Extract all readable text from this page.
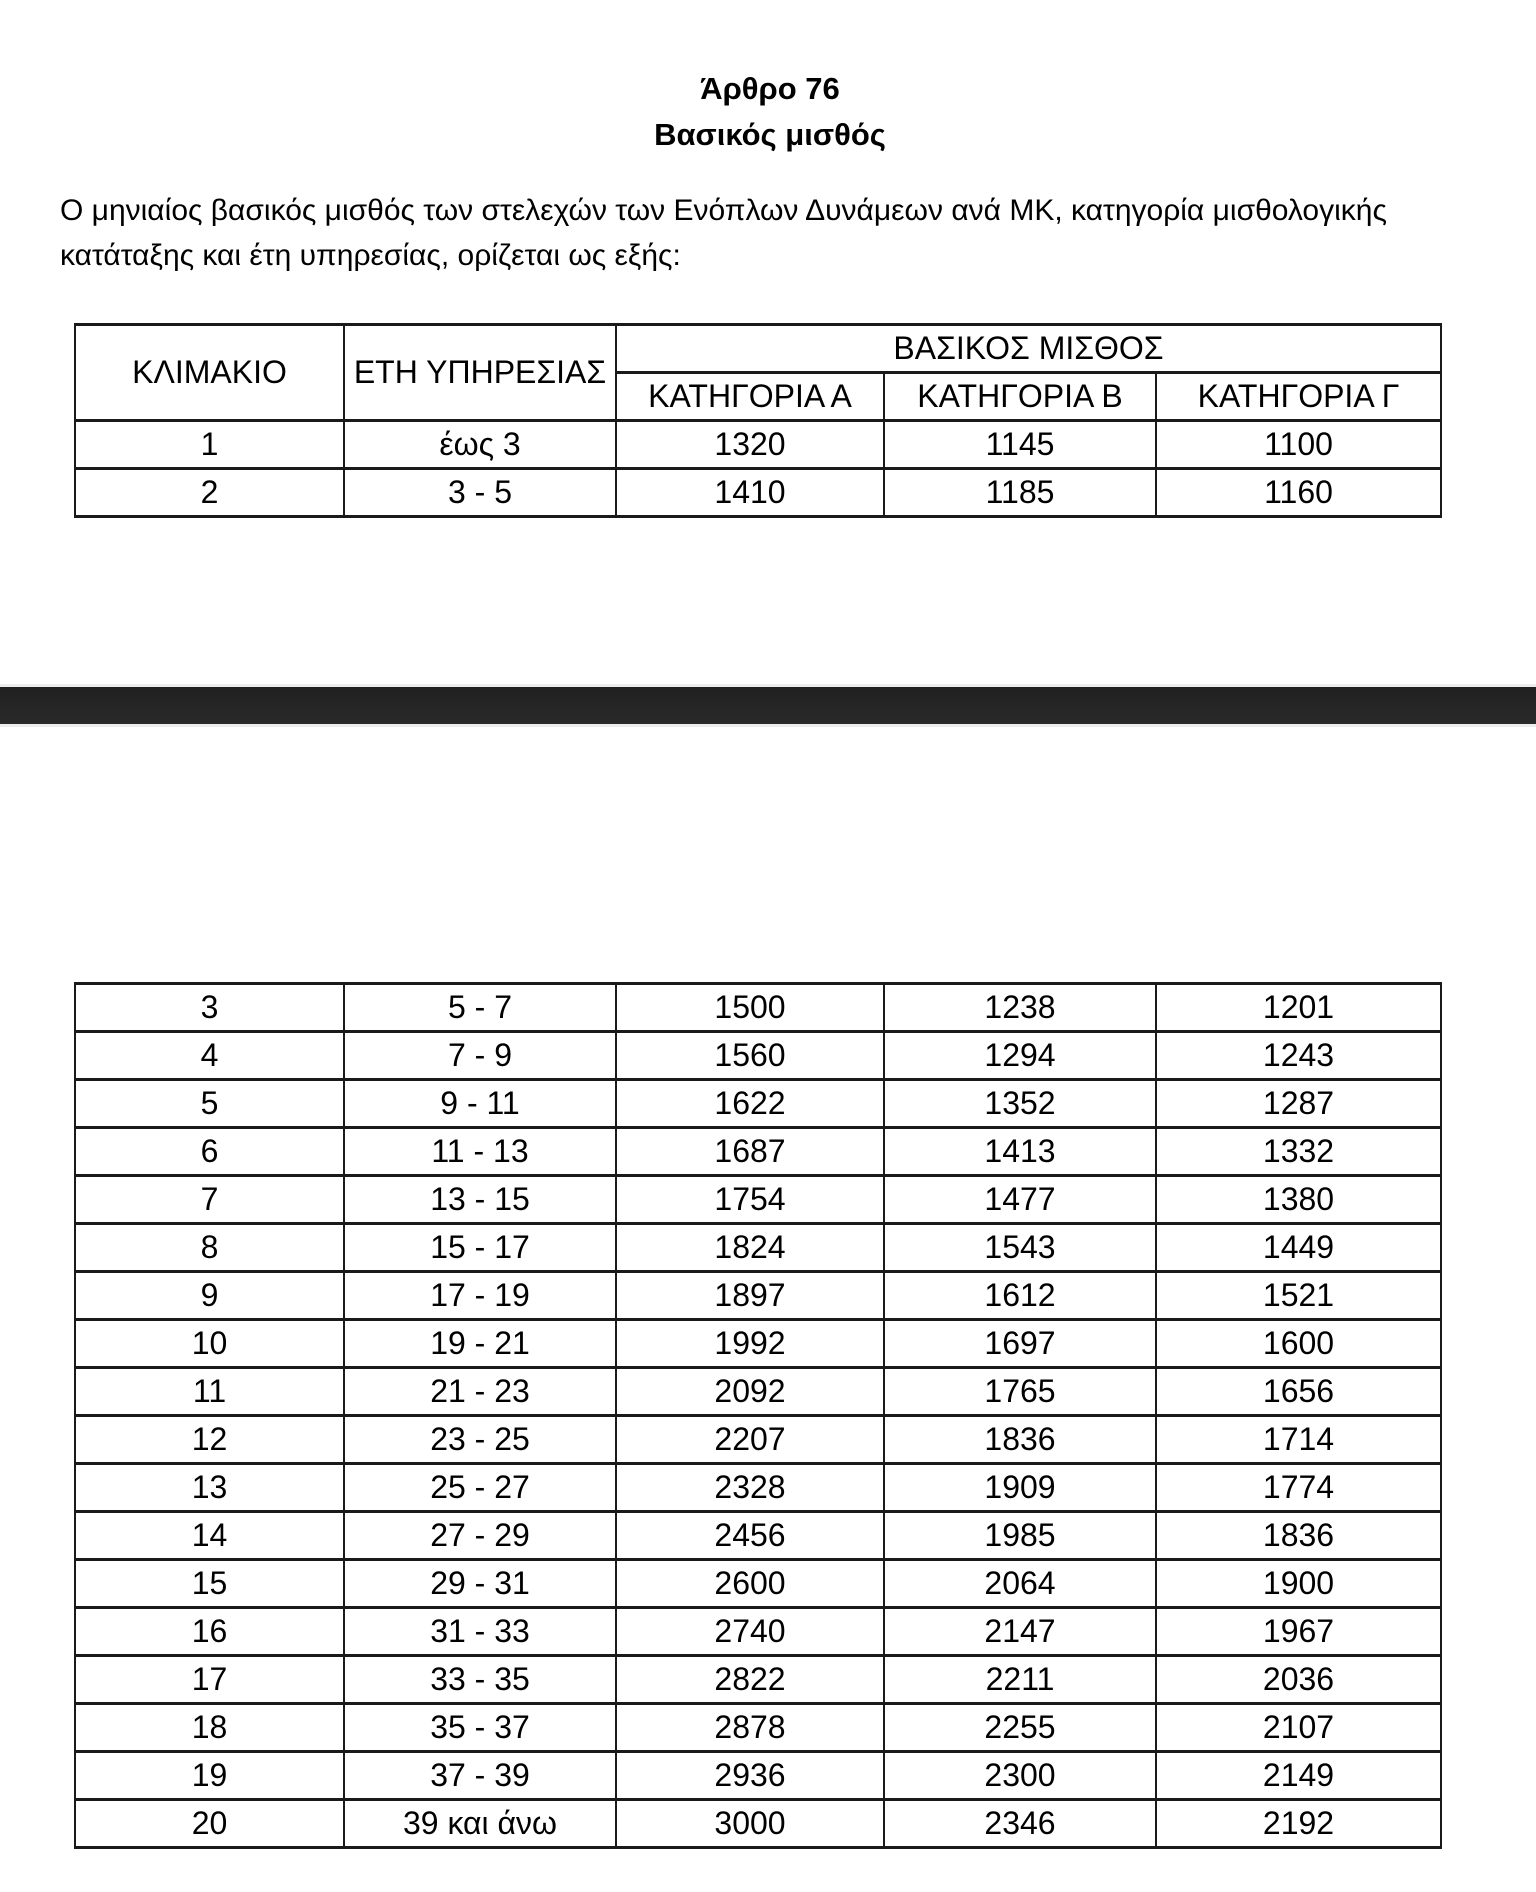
Άρθρο 76
Βασικός μισθός
Ο μηνιαίος βασικός μισθός των στελεχών των Ενόπλων Δυνάμεων ανά ΜΚ, κατηγορία μισθολογικής
κατάταξης και έτη υπηρεσίας, ορίζεται ως εξής:
ΚΛΙΜΑΚΙΟ	ΕΤΗ ΥΠΗΡΕΣΙΑΣ	ΒΑΣΙΚΟΣ ΜΙΣΘΟΣ		
		ΚΑΤΗΓΟΡΙΑ Α	ΚΑΤΗΓΟΡΙΑ Β	ΚΑΤΗΓΟΡΙΑ Γ
1	έως 3	1320	1145	1100
2	3 - 5	1410	1185	1160
3	5 - 7	1500	1238	1201
4	7 - 9	1560	1294	1243
5	9 - 11	1622	1352	1287
6	11 - 13	1687	1413	1332
7	13 - 15	1754	1477	1380
8	15 - 17	1824	1543	1449
9	17 - 19	1897	1612	1521
10	19 - 21	1992	1697	1600
11	21 - 23	2092	1765	1656
12	23 - 25	2207	1836	1714
13	25 - 27	2328	1909	1774
14	27 - 29	2456	1985	1836
15	29 - 31	2600	2064	1900
16	31 - 33	2740	2147	1967
17	33 - 35	2822	2211	2036
18	35 - 37	2878	2255	2107
19	37 - 39	2936	2300	2149
20	39 και άνω	3000	2346	2192
